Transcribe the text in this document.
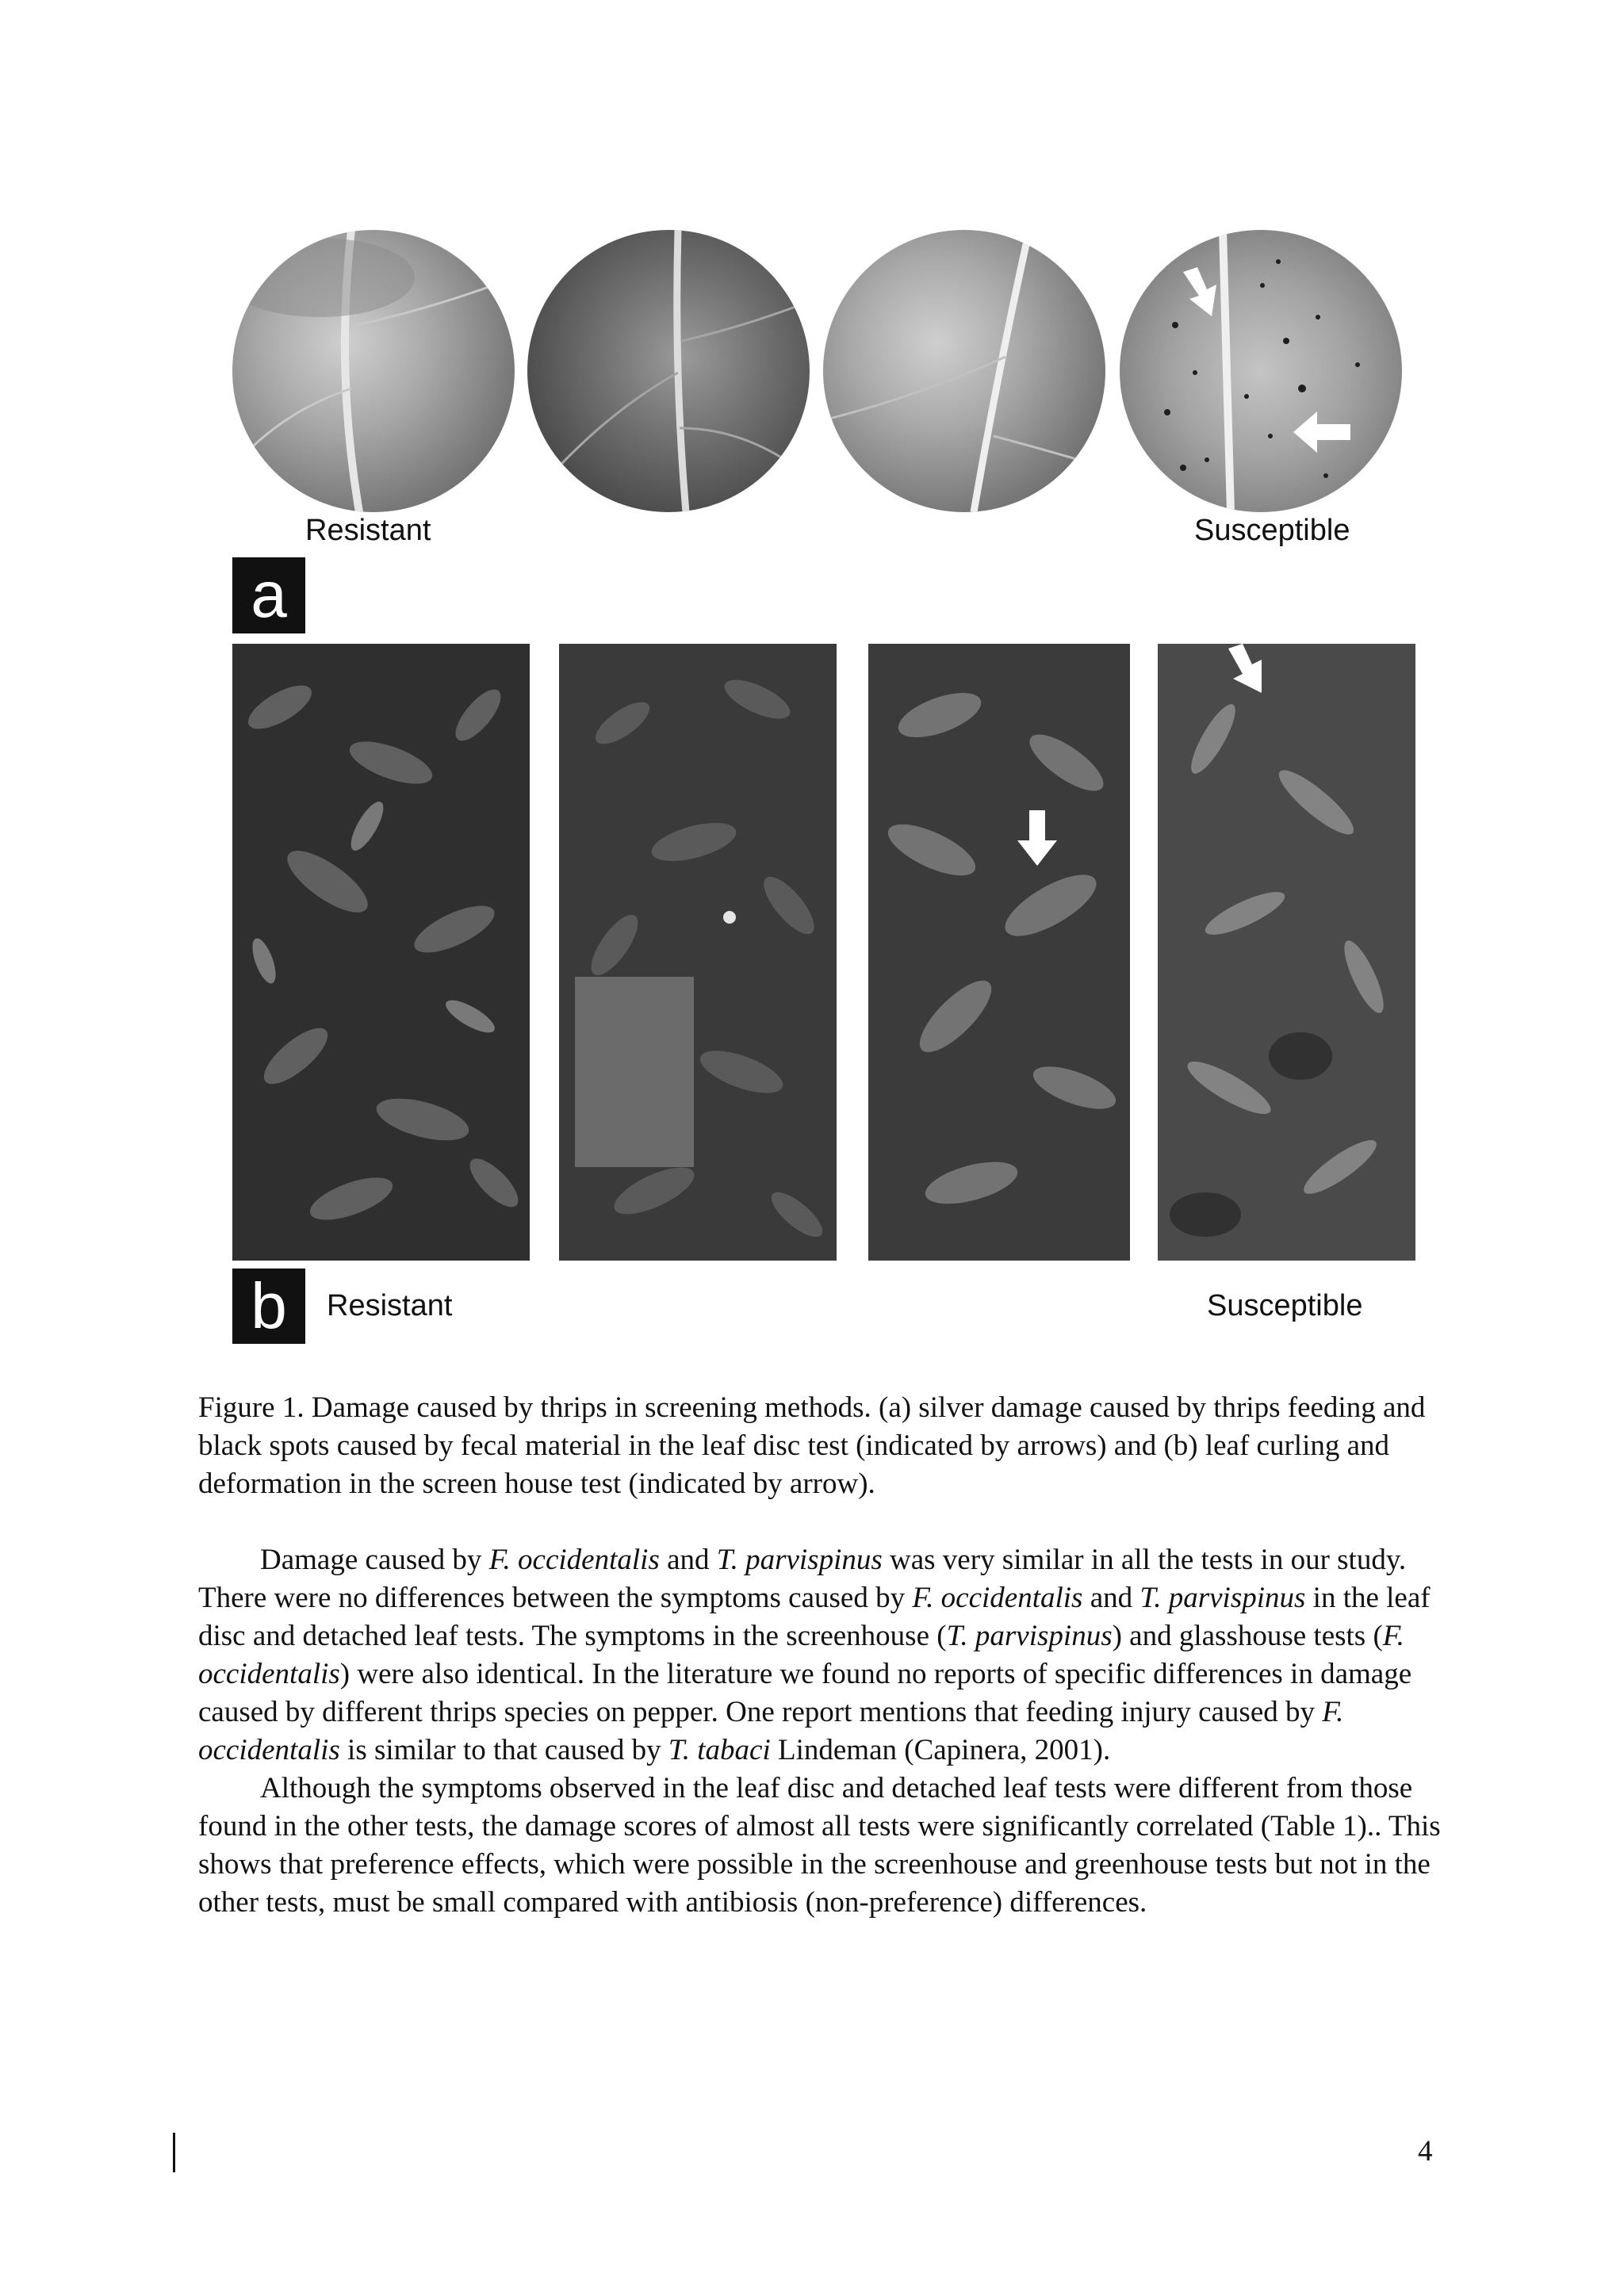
Resistant	Susceptible
a
b	Resistant	Susceptible

Figure 1. Damage caused by thrips in screening methods. (a) silver damage caused by thrips feeding and black spots caused by fecal material in the leaf disc test (indicated by arrows) and (b) leaf curling and deformation in the screen house test (indicated by arrow).

Damage caused by F. occidentalis and T. parvispinus was very similar in all the tests in our study. There were no differences between the symptoms caused by F. occidentalis and T. parvispinus in the leaf disc and detached leaf tests. The symptoms in the screenhouse (T. parvispinus) and glasshouse tests (F. occidentalis) were also identical. In the literature we found no reports of specific differences in damage caused by different thrips species on pepper. One report mentions that feeding injury caused by F. occidentalis is similar to that caused by T. tabaci Lindeman (Capinera, 2001).

Although the symptoms observed in the leaf disc and detached leaf tests were different from those found in the other tests, the damage scores of almost all tests were significantly correlated (Table 1).. This shows that preference effects, which were possible in the screenhouse and greenhouse tests but not in the other tests, must be small compared with antibiosis (non-preference) differences.

4
